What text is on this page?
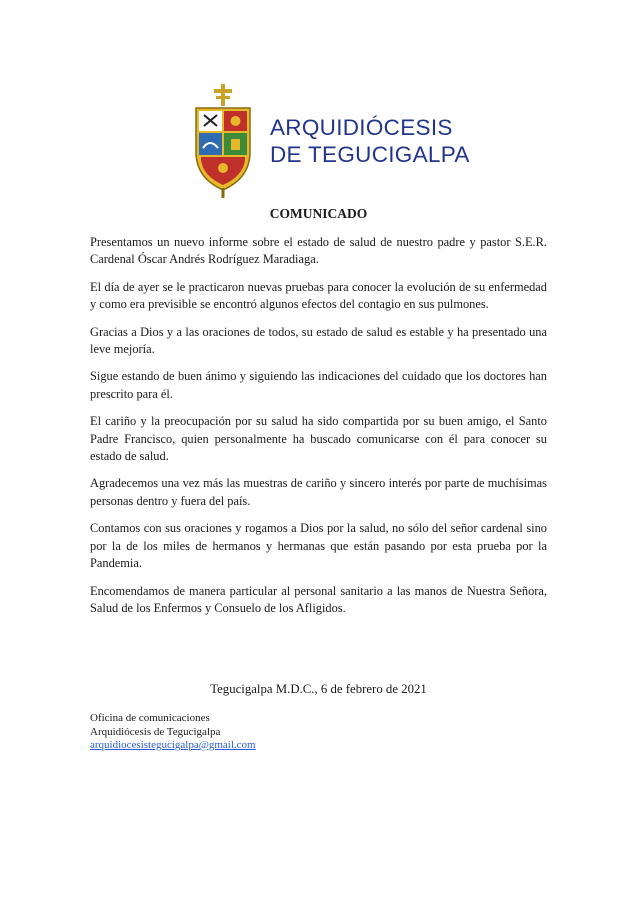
ARQUIDIÓCESIS
DE TEGUCIGALPA
COMUNICADO

Presentamos un nuevo informe sobre el estado de salud de nuestro padre y pastor S.E.R. Cardenal Óscar Andrés Rodríguez Maradiaga.

El día de ayer se le practicaron nuevas pruebas para conocer la evolución de su enfermedad y como era previsible se encontró algunos efectos del contagio en sus pulmones.

Gracias a Dios y a las oraciones de todos, su estado de salud es estable y ha presentado una leve mejoría.

Sigue estando de buen ánimo y siguiendo las indicaciones del cuidado que los doctores han prescrito para él.

El cariño y la preocupación por su salud ha sido compartida por su buen amigo, el Santo Padre Francisco, quien personalmente ha buscado comunicarse con él para conocer su estado de salud.

Agradecemos una vez más las muestras de cariño y sincero interés por parte de muchísimas personas dentro y fuera del país.

Contamos con sus oraciones y rogamos a Dios por la salud, no sólo del señor cardenal sino por la de los miles de hermanos y hermanas que están pasando por esta prueba por la Pandemia.

Encomendamos de manera particular al personal sanitario a las manos de Nuestra Señora, Salud de los Enfermos y Consuelo de los Afligidos.

Tegucigalpa M.D.C., 6 de febrero de 2021
Oficina de comunicaciones
Arquidiócesis de Tegucigalpa
arquidiocesistegucigalpa@gmail.com
